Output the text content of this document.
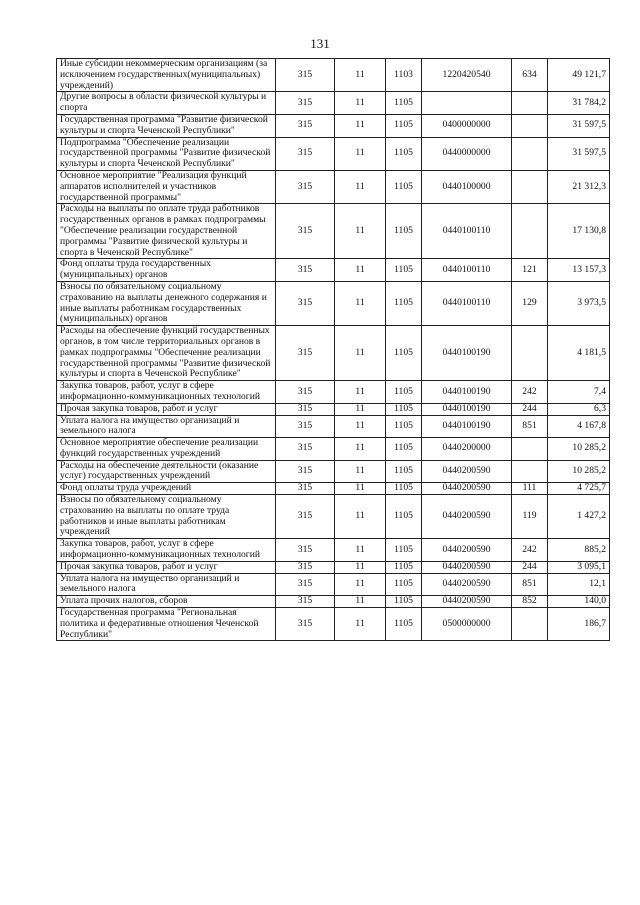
131
Иные субсидии некоммерческим организациям (за исключением государственных(муниципальных) учреждений)	315	11	1103	1220420540	634	49 121,7
Другие вопросы в области физической культуры и спорта	315	11	1105			31 784,2
Государственная программа "Развитие физической культуры и спорта Чеченской Республики"	315	11	1105	0400000000		31 597,5
Подпрограмма "Обеспечение реализации государственной программы "Развитие физической культуры и спорта Чеченской Республики"	315	11	1105	0440000000		31 597,5
Основное мероприятие "Реализация функций аппаратов исполнителей и участников государственной программы"	315	11	1105	0440100000		21 312,3
Расходы на выплаты по оплате труда работников государственных органов в рамках подпрограммы "Обеспечение реализации государственной программы "Развитие физической культуры и спорта в Чеченской Республике"	315	11	1105	0440100110		17 130,8
Фонд оплаты труда государственных (муниципальных) органов	315	11	1105	0440100110	121	13 157,3
Взносы по обязательному социальному страхованию на выплаты денежного содержания и иные выплаты работникам государственных (муниципальных) органов	315	11	1105	0440100110	129	3 973,5
Расходы на обеспечение функций государственных органов, в том числе территориальных органов в рамках подпрограммы "Обеспечение реализации государственной программы "Развитие физической культуры и спорта в Чеченской Республике"	315	11	1105	0440100190		4 181,5
Закупка товаров, работ, услуг в сфере информационно-коммуникационных технологий	315	11	1105	0440100190	242	7,4
Прочая закупка товаров, работ и услуг	315	11	1105	0440100190	244	6,3
Уплата налога на имущество организаций и земельного налога	315	11	1105	0440100190	851	4 167,8
Основное мероприятие обеспечение реализации функций государственных учреждений	315	11	1105	0440200000		10 285,2
Расходы на обеспечение деятельности (оказание услуг) государственных учреждений	315	11	1105	0440200590		10 285,2
Фонд оплаты труда учреждений	315	11	1105	0440200590	111	4 725,7
Взносы по обязательному социальному страхованию на выплаты по оплате труда работников и иные выплаты работникам учреждений	315	11	1105	0440200590	119	1 427,2
Закупка товаров, работ, услуг в сфере информационно-коммуникационных технологий	315	11	1105	0440200590	242	885,2
Прочая закупка товаров, работ и услуг	315	11	1105	0440200590	244	3 095,1
Уплата налога на имущество организаций и земельного налога	315	11	1105	0440200590	851	12,1
Уплата прочих налогов, сборов	315	11	1105	0440200590	852	140,0
Государственная программа "Региональная политика и федеративные отношения Чеченской Республики"	315	11	1105	0500000000		186,7
